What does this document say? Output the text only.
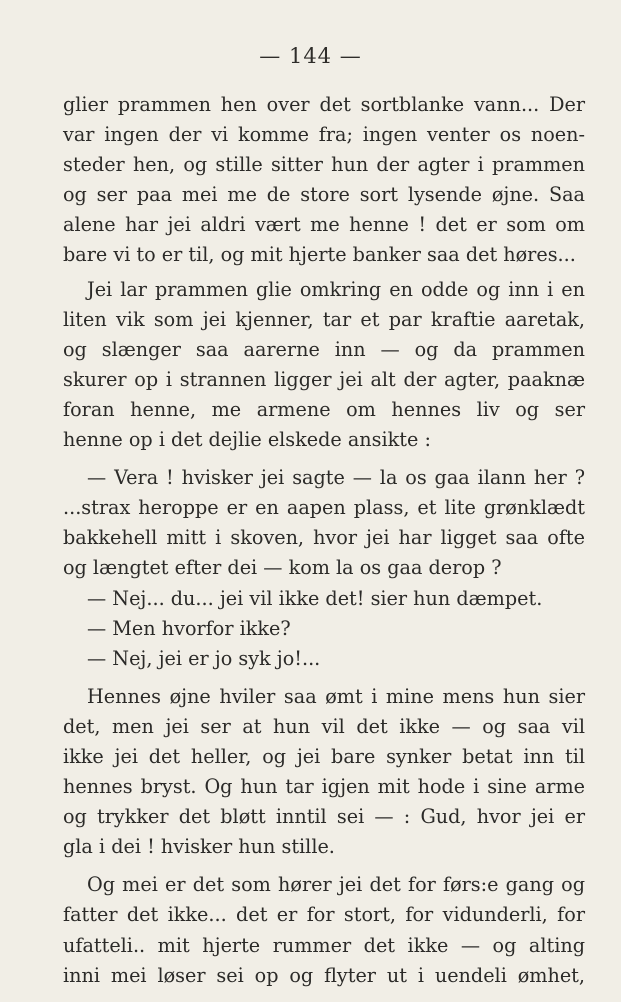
— 144 —
glier prammen hen over det sortblanke vann... Der
var ingen der vi komme fra; ingen venter os noen-
steder hen, og stille sitter hun der agter i prammen
og ser paa mei me de store sort lysende øjne. Saa
alene har jei aldri vært me henne ! det er som om
bare vi to er til, og mit hjerte banker saa det høres...
Jei lar prammen glie omkring en odde og inn i en
liten vik som jei kjenner, tar et par kraftie aaretak,
og slænger saa aarerne inn — og da prammen
skurer op i strannen ligger jei alt der agter, paaknæ
foran henne, me armene om hennes liv og ser
henne op i det dejlie elskede ansikte :
— Vera ! hvisker jei sagte — la os gaa ilann her ?
...strax heroppe er en aapen plass, et lite grønklædt
bakkehell mitt i skoven, hvor jei har ligget saa ofte
og længtet efter dei — kom la os gaa derop ?
— Nej... du... jei vil ikke det! sier hun dæmpet.
— Men hvorfor ikke?
— Nej, jei er jo syk jo!...
Hennes øjne hviler saa ømt i mine mens hun sier
det, men jei ser at hun vil det ikke — og saa vil
ikke jei det heller, og jei bare synker betat inn til
hennes bryst. Og hun tar igjen mit hode i sine arme
og trykker det bløtt inntil sei — : Gud, hvor jei er
gla i dei ! hvisker hun stille.
Og mei er det som hører jei det for førs:e gang og
fatter det ikke... det er for stort, for vidunderli, for
ufatteli.. mit hjerte rummer det ikke — og alting
inni mei løser sei op og flyter ut i uendeli ømhet,
